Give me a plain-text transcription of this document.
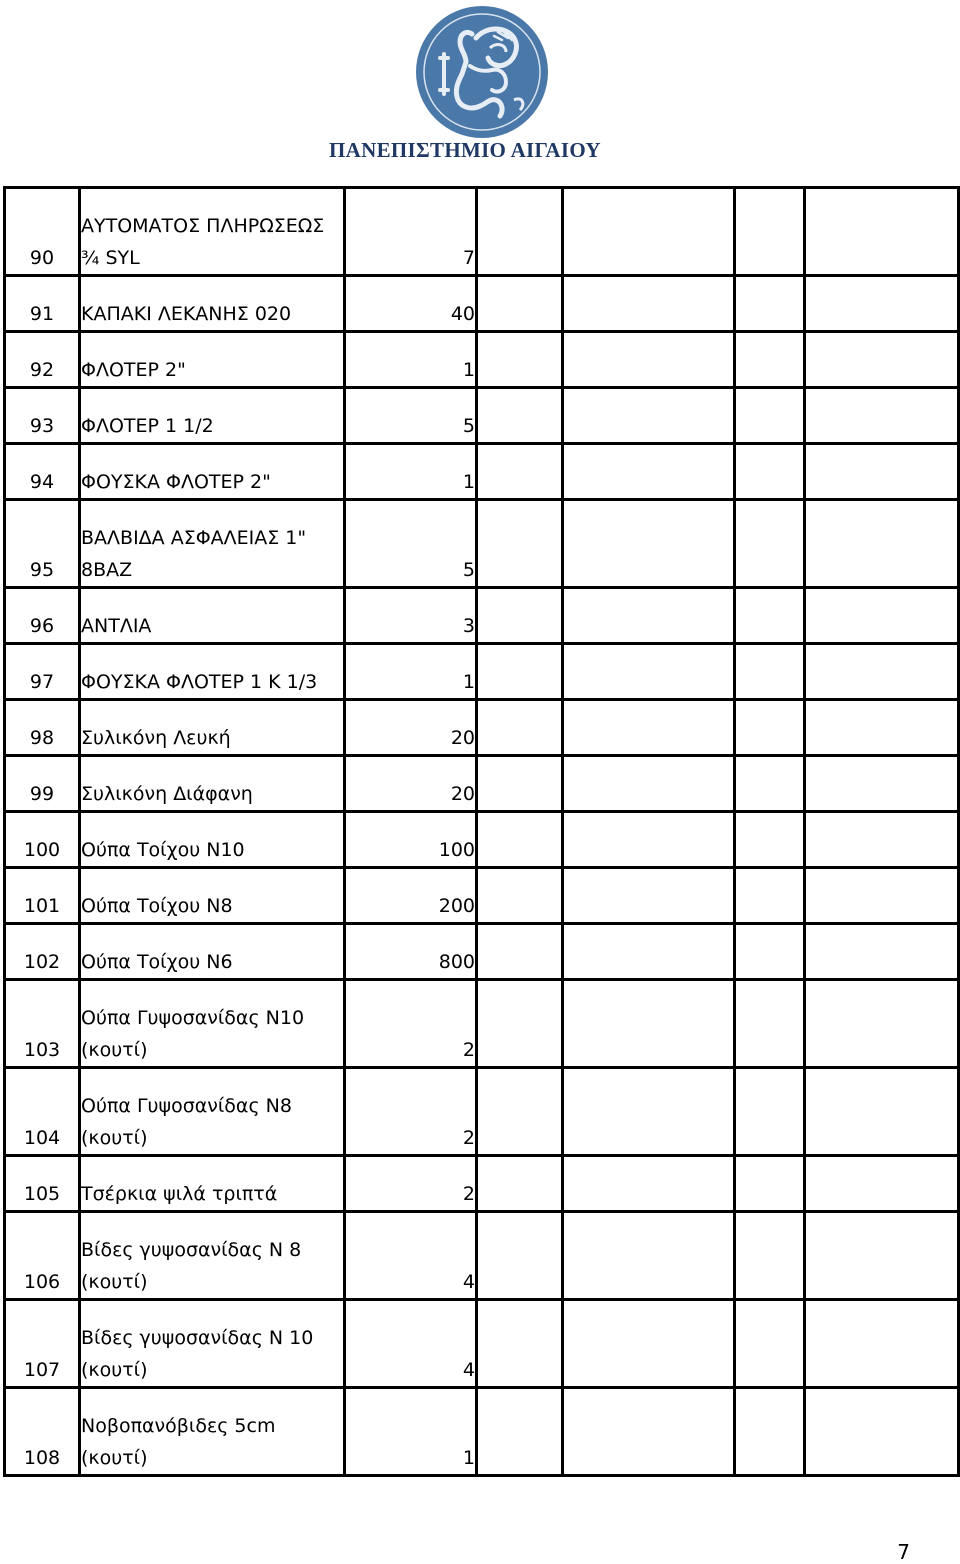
ΠΑΝΕΠΙΣΤΗΜΙΟ ΑΙΓΑΙΟΥ
90	ΑΥΤΟΜΑΤΟΣ ΠΛΗΡΩΣΕΩΣ
¾ SYL	7				
91	ΚΑΠΑΚΙ ΛΕΚΑΝΗΣ 020	40				
92	ΦΛΟΤΕΡ 2"	1				
93	ΦΛΟΤΕΡ 1 1/2	5				
94	ΦΟΥΣΚΑ ΦΛΟΤΕΡ 2"	1				
95	ΒΑΛΒΙΔΑ ΑΣΦΑΛΕΙΑΣ 1"
8ΒΑΖ	5				
96	ΑΝΤΛΙΑ	3				
97	ΦΟΥΣΚΑ ΦΛΟΤΕΡ 1 Κ 1/3	1				
98	Συλικόνη Λευκή	20				
99	Συλικόνη Διάφανη	20				
100	Ούπα Τοίχου Ν10	100				
101	Ούπα Τοίχου Ν8	200				
102	Ούπα Τοίχου Ν6	800				
103	Ούπα Γυψοσανίδας Ν10
(κουτί)	2				
104	Ούπα Γυψοσανίδας Ν8
(κουτί)	2				
105	Τσέρκια ψιλά τριπτά	2				
106	Βίδες γυψοσανίδας Ν 8
(κουτί)	4				
107	Βίδες γυψοσανίδας Ν 10
(κουτί)	4				
108	Νοβοπανόβιδες 5cm
(κουτί)	1				
7
